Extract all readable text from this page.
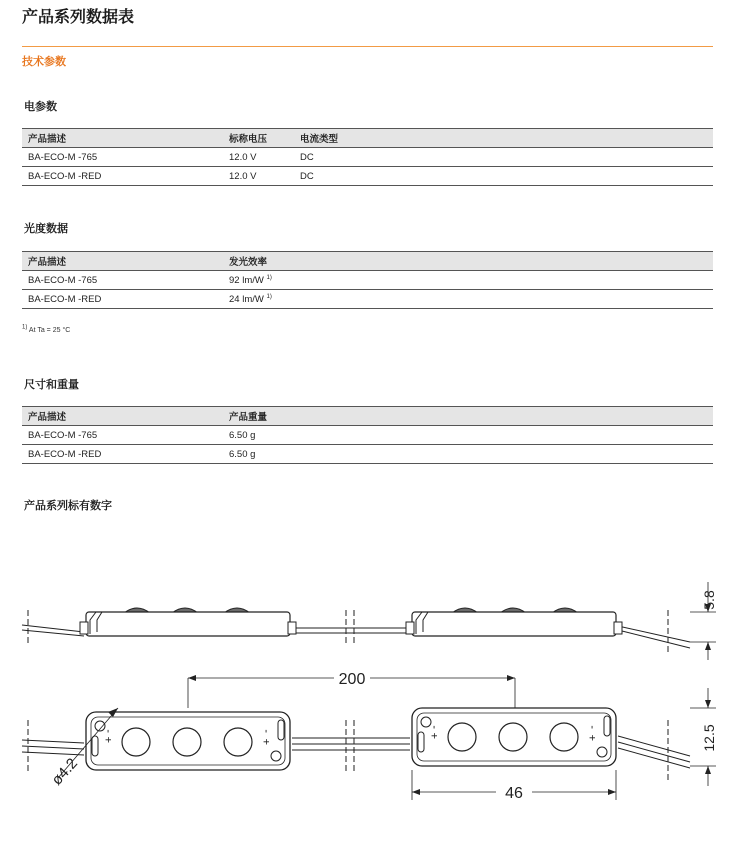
产品系列数据表
技术参数
电参数
产品描述	标称电压	电流类型
BA-ECO-M -765	12.0 V	DC
BA-ECO-M -RED	12.0 V	DC
光度数据
产品描述	发光效率
BA-ECO-M -765	92 lm/W $^{1)}$
BA-ECO-M -RED	24 lm/W $^{1)}$
$^{1)}$ At Ta = 25 °C
尺寸和重量
产品描述	产品重量
BA-ECO-M -765	6.50 g
BA-ECO-M -RED	6.50 g
产品系列标有数字
5.8
200
+
-	-
+
ø4.2
+
-	-
+
46
12.5
